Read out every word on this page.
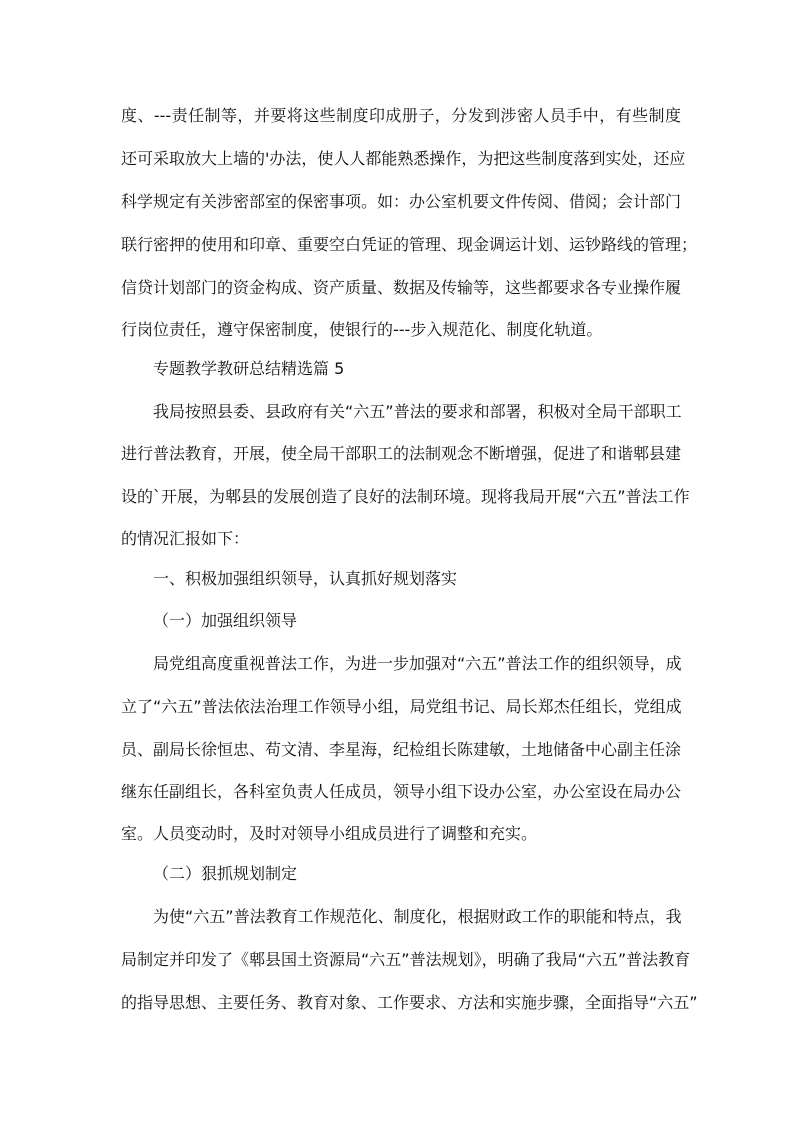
度、---责任制等，并要将这些制度印成册子，分发到涉密人员手中，有些制度
还可采取放大上墙的'办法，使人人都能熟悉操作，为把这些制度落到实处，还应
科学规定有关涉密部室的保密事项。如：办公室机要文件传阅、借阅；会计部门
联行密押的使用和印章、重要空白凭证的管理、现金调运计划、运钞路线的管理；
信贷计划部门的资金构成、资产质量、数据及传输等，这些都要求各专业操作履
行岗位责任，遵守保密制度，使银行的---步入规范化、制度化轨道。
专题教学教研总结精选篇 5
我局按照县委、县政府有关“六五”普法的要求和部署，积极对全局干部职工
进行普法教育，开展，使全局干部职工的法制观念不断增强，促进了和谐郫县建
设的`开展，为郫县的发展创造了良好的法制环境。现将我局开展“六五”普法工作
的情况汇报如下：
一、积极加强组织领导，认真抓好规划落实
（一）加强组织领导
局党组高度重视普法工作，为进一步加强对“六五”普法工作的组织领导，成
立了“六五”普法依法治理工作领导小组，局党组书记、局长郑杰任组长，党组成
员、副局长徐恒忠、苟文清、李星海，纪检组长陈建敏，土地储备中心副主任涂
继东任副组长，各科室负责人任成员，领导小组下设办公室，办公室设在局办公
室。人员变动时，及时对领导小组成员进行了调整和充实。
（二）狠抓规划制定
为使“六五”普法教育工作规范化、制度化，根据财政工作的职能和特点，我
局制定并印发了《郫县国土资源局“六五”普法规划》，明确了我局“六五”普法教育
的指导思想、主要任务、教育对象、工作要求、方法和实施步骤，全面指导“六五”
